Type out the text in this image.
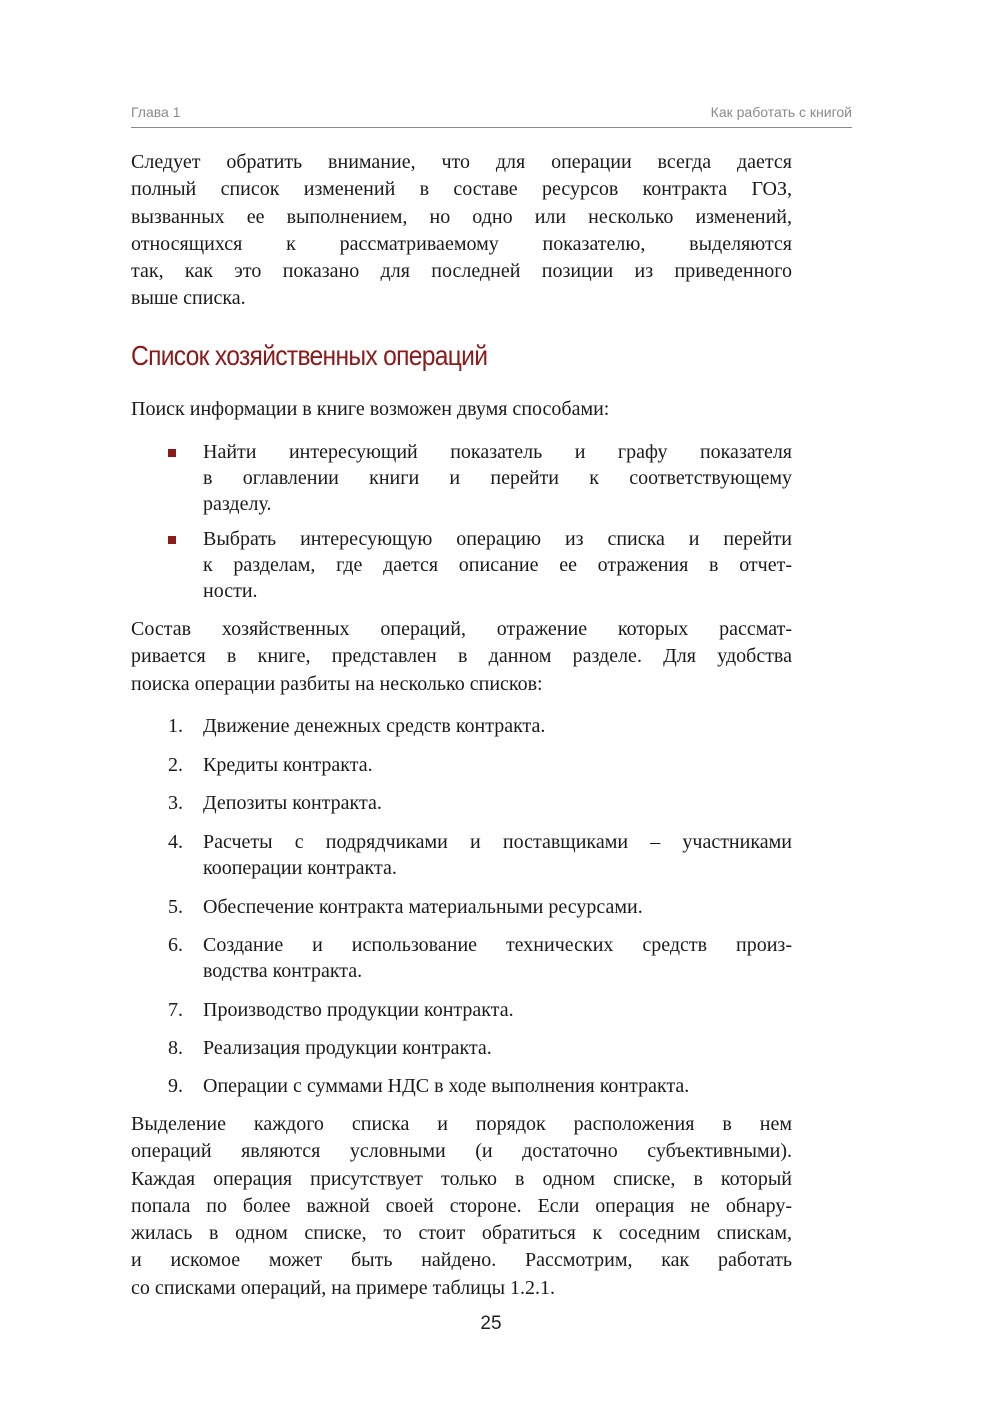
Глава 1	Как работать с книгой
Следует обратить внимание, что для операции всегда дается
полный список изменений в составе ресурсов контракта ГОЗ,
вызванных ее выполнением, но одно или несколько изменений,
относящихся к рассматриваемому показателю, выделяются
так, как это показано для последней позиции из приведенного
выше списка.
Список хозяйственных операций
Поиск информации в книге возможен двумя способами:
Найти интересующий показатель и графу показателя
в оглавлении книги и перейти к соответствующему
разделу.
Выбрать интересующую операцию из списка и перейти
к разделам, где дается описание ее отражения в отчет-
ности.
Состав хозяйственных операций, отражение которых рассмат-
ривается в книге, представлен в данном разделе. Для удобства
поиска операции разбиты на несколько списков:
1. Движение денежных средств контракта.
2. Кредиты контракта.
3. Депозиты контракта.
4. Расчеты с подрядчиками и поставщиками – участниками
кооперации контракта.
5. Обеспечение контракта материальными ресурсами.
6. Создание и использование технических средств произ-
водства контракта.
7. Производство продукции контракта.
8. Реализация продукции контракта.
9. Операции с суммами НДС в ходе выполнения контракта.
Выделение каждого списка и порядок расположения в нем
операций являются условными (и достаточно субъективными).
Каждая операция присутствует только в одном списке, в который
попала по более важной своей стороне. Если операция не обнару-
жилась в одном списке, то стоит обратиться к соседним спискам,
и искомое может быть найдено. Рассмотрим, как работать
со списками операций, на примере таблицы 1.2.1.
25
